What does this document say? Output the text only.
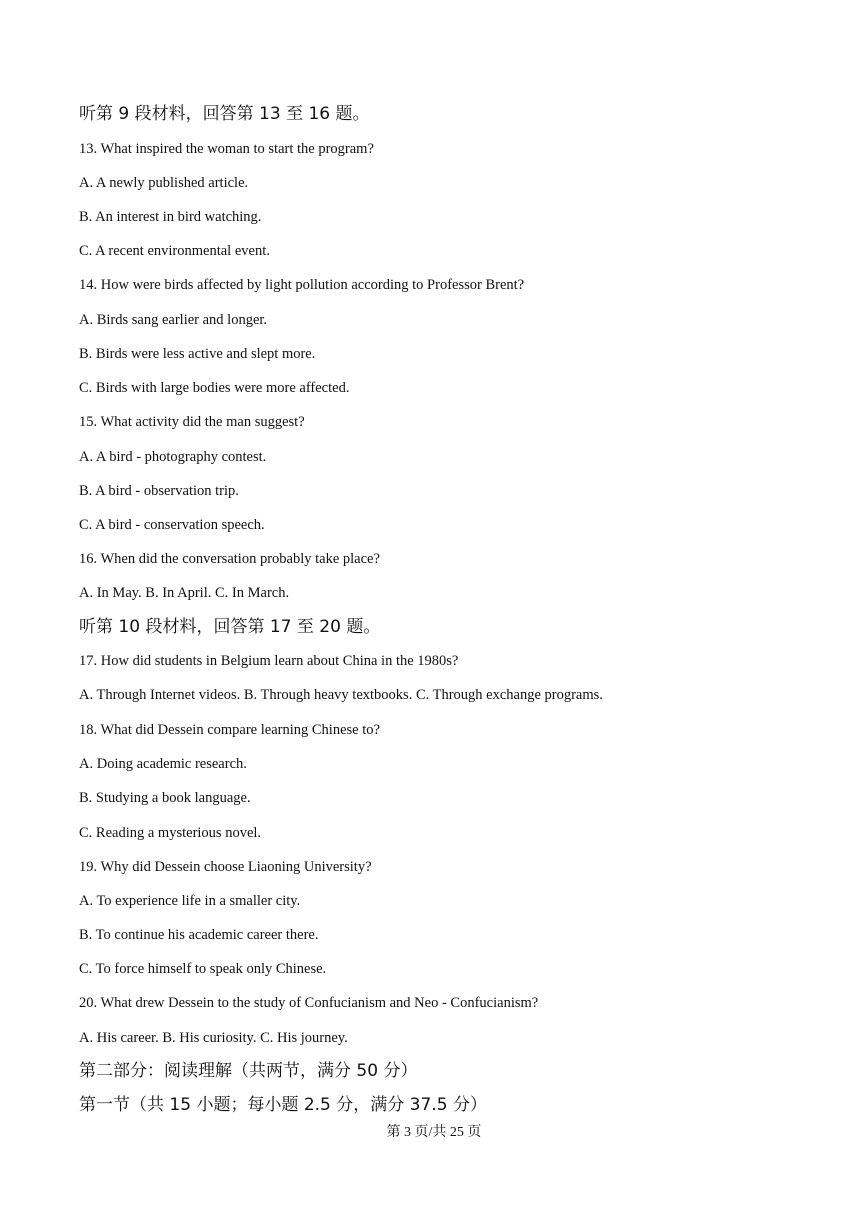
听第 9 段材料，回答第 13 至 16 题。
13. What inspired the woman to start the program?
A. A newly published article.
B. An interest in bird watching.
C. A recent environmental event.
14. How were birds affected by light pollution according to Professor Brent?
A. Birds sang earlier and longer.
B. Birds were less active and slept more.
C. Birds with large bodies were more affected.
15. What activity did the man suggest?
A. A bird - photography contest.
B. A bird - observation trip.
C. A bird - conservation speech.
16. When did the conversation probably take place?
A. In May. B. In April. C. In March.
听第 10 段材料，回答第 17 至 20 题。
17. How did students in Belgium learn about China in the 1980s?
A. Through Internet videos. B. Through heavy textbooks. C. Through exchange programs.
18. What did Dessein compare learning Chinese to?
A. Doing academic research.
B. Studying a book language.
C. Reading a mysterious novel.
19. Why did Dessein choose Liaoning University?
A. To experience life in a smaller city.
B. To continue his academic career there.
C. To force himself to speak only Chinese.
20. What drew Dessein to the study of Confucianism and Neo - Confucianism?
A. His career. B. His curiosity. C. His journey.
第二部分：阅读理解（共两节，满分 50 分）
第一节（共 15 小题；每小题 2.5 分，满分 37.5 分）
第 3 页/共 25 页
